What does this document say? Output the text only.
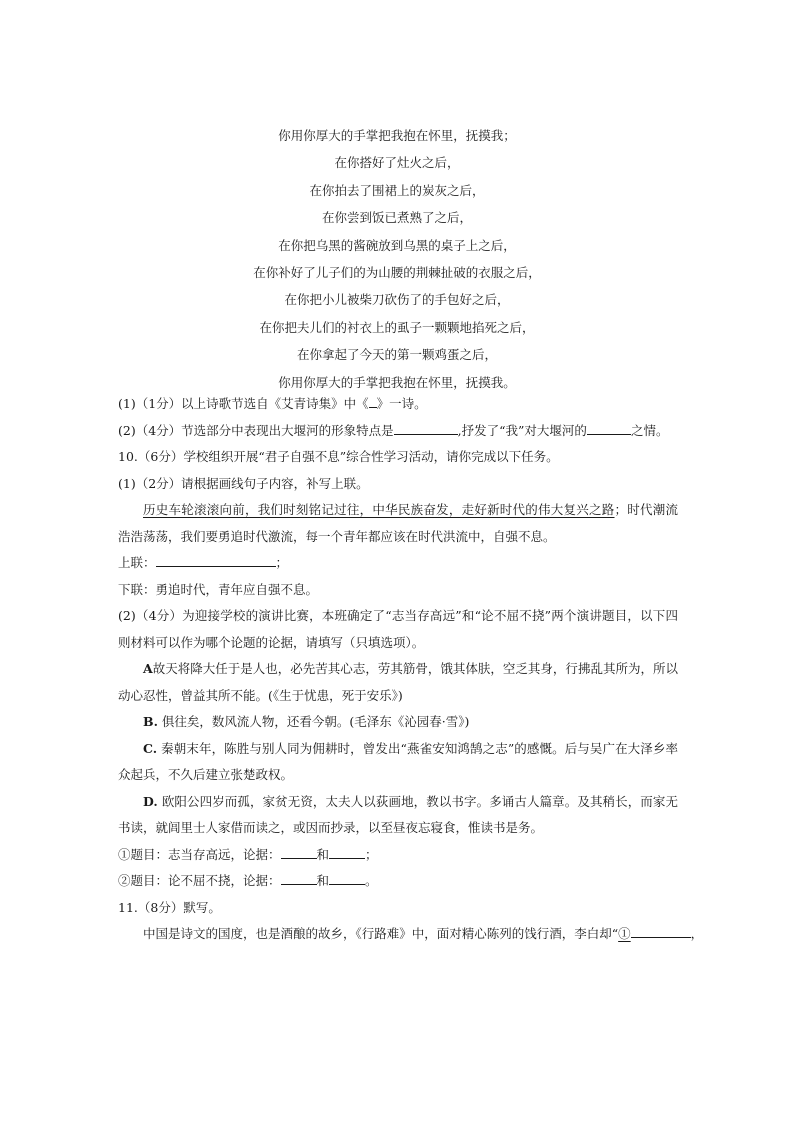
你用你厚大的手掌把我抱在怀里，抚摸我；
在你搭好了灶火之后，
在你拍去了围裙上的炭灰之后，
在你尝到饭已煮熟了之后，
在你把乌黑的酱碗放到乌黑的桌子上之后，
在你补好了儿子们的为山腰的荆棘扯破的衣服之后，
在你把小儿被柴刀砍伤了的手包好之后，
在你把夫儿们的衬衣上的虱子一颗颗地掐死之后，
在你拿起了今天的第一颗鸡蛋之后，
你用你厚大的手掌把我抱在怀里，抚摸我。
(1)（1分）以上诗歌节选自《艾青诗集》中《 》一诗。
(2)（4分）节选部分中表现出大堰河的形象特点是	,抒发了“我”对大堰河的	之情。
10.（6分）学校组织开展“君子自强不息”综合性学习活动，请你完成以下任务。
(1)（2分）请根据画线句子内容，补写上联。
历史车轮滚滚向前，我们时刻铭记过往，中华民族奋发，走好新时代的伟大复兴之路；时代潮流浩浩荡荡，我们要勇追时代激流，每一个青年都应该在时代洪流中，自强不息。
上联：	；
下联：勇追时代，青年应自强不息。
(2)（4分）为迎接学校的演讲比赛，本班确定了“志当存高远”和“论不屈不挠”两个演讲题目，以下四则材料可以作为哪个论题的论据，请填写（只填选项）。
A故天将降大任于是人也，必先苦其心志，劳其筋骨，饿其体肤，空乏其身，行拂乱其所为，所以动心忍性，曾益其所不能。(《生于忧患，死于安乐》)
B. 俱往矣，数风流人物，还看今朝。(毛泽东《沁园春·雪》)
C. 秦朝末年，陈胜与别人同为佣耕时，曾发出“燕雀安知鸿鹄之志”的感慨。后与吴广在大泽乡率众起兵，不久后建立张楚政权。
D. 欧阳公四岁而孤，家贫无资，太夫人以荻画地，教以书字。多诵古人篇章。及其稍长，而家无书读，就闾里士人家借而读之，或因而抄录，以至昼夜忘寝食，惟读书是务。
①题目：志当存高远，论据：	和	；
②题目：论不屈不挠，论据：	和	。
11.（8分）默写。
中国是诗文的国度，也是酒酿的故乡，《行路难》中，面对精心陈列的饯行酒，李白却“①	，
